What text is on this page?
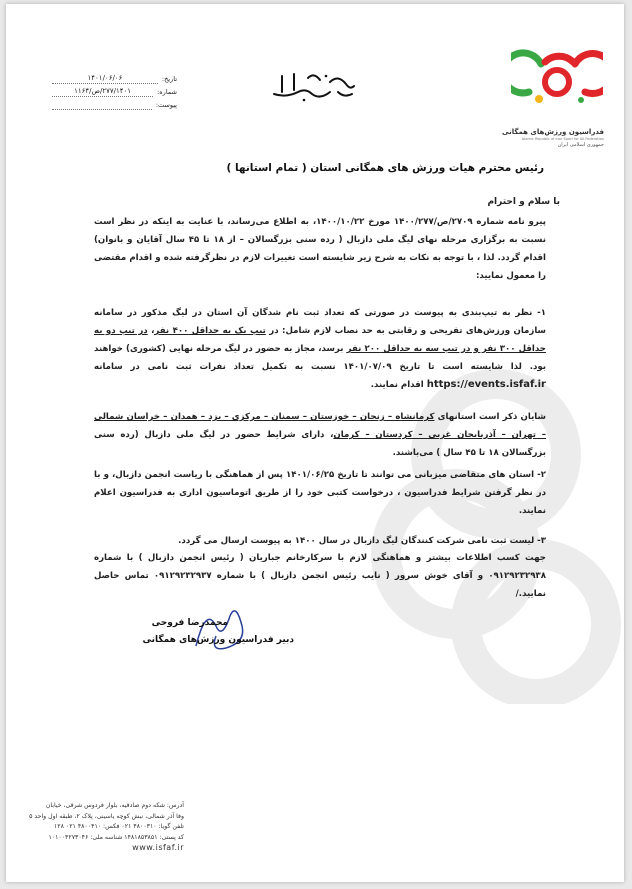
تاریخ:
۱۴۰۱/۰۶/۰۶
شماره:
۲۷۷/۱۴۰۱/ص/۱۱۶۴
پیوست:
فدراسیون ورزش‌های همگانی
Islamic Republic of Iran Sport for All Federation
جمهوری اسلامی ایران
رئیس محترم هیات ورزش های همگانی استان ( تمام استانها )
با سلام و احترام
پیرو نامه شماره ۲۷۰۹/ص/۱۴۰۰/۲۷۷ مورخ ۱۴۰۰/۱۰/۲۲، به اطلاع می‌رساند، با عنایت به اینکه در نظر است نسبت به برگزاری مرحله نهای لیگ ملی دازبال ( رده سنی بزرگسالان – از ۱۸ تا ۴۵ سال آقایان و بانوان) اقدام گردد. لذا ، با توجه به نکات به شرح زیر شایسته است تغییرات لازم در نظرگرفته شده و اقدام مقتضی را معمول نمایید:
۱- نظر به تیپ‌بندی به پیوست در صورتی که تعداد ثبت نام شدگان آن استان در لیگ مذکور در سامانه سازمان ورزش‌های تفریحی و رقابتی به حد نصاب لازم شامل: در تیپ یک به حداقل ۴۰۰ نفر، در تیپ دو به حداقل ۳۰۰ نفر و در تیپ سه به حداقل ۲۰۰ نفر برسد، مجاز به حضور در لیگ مرحله نهایی (کشوری) خواهند بود. لذا شایسته است تا تاریخ ۱۴۰۱/۰۷/۰۹ نسبت به تکمیل تعداد نفرات ثبت نامی در سامانه https://events.isfaf.ir اقدام نمایند.
شایان ذکر است استانهای کرمانشاه – زنجان – خوزستان – سمنان – مرکزی – یزد – همدان – خراسان شمالی – تهران – آذربایجان غربی – کردستان – کرمان، دارای شرایط حضور در لیگ ملی دازبال (رده سنی بزرگسالان ۱۸ تا ۴۵ سال ) می‌باشند.
۲- استان های متقاضی میزبانی می توانند تا تاریخ ۱۴۰۱/۰۶/۲۵ پس از هماهنگی با ریاست انجمن دازبال، و با در نظر گرفتن شرایط فدراسیون ، درخواست کتبی خود را از طریق اتوماسیون اداری به فدراسیون اعلام نمایند.
۳- لیست ثبت نامی شرکت کنندگان لیگ دازبال در سال ۱۴۰۰ به پیوست ارسال می گردد.
جهت کسب اطلاعات بیشتر و هماهنگی لازم با سرکارخانم جباریان ( رئیس انجمن دازبال ) با شماره ۰۹۱۲۹۲۳۲۹۳۸ و آقای خوش سرور ( نایب رئیس انجمن دازبال ) با شماره ۰۹۱۲۹۲۳۲۹۳۷ تماس حاصل نمایید./
محمدرضا فروحی
دبیر فدراسیون ورزش‌های همگانی
آدرس: شکه دوم صادقیه، بلوار فردوس شرقی، خیابان
وفا آذر شمالی، نبش کوچه یاسینی، پلاک ۲، طبقه اول واحد ۵
تلفن گویا: ۴۸۰۰۳۱۰ ۰۲۱ فکس: ۴۸۰۰۴۱۰ ۰۲۱ ۱۲۸
کد پستی: ۱۴۸۱۸۵۳۸۵۱ شناسه ملی: ۱۰۱۰۰۴۲۷۳۰۴۶
www.isfaf.ir
